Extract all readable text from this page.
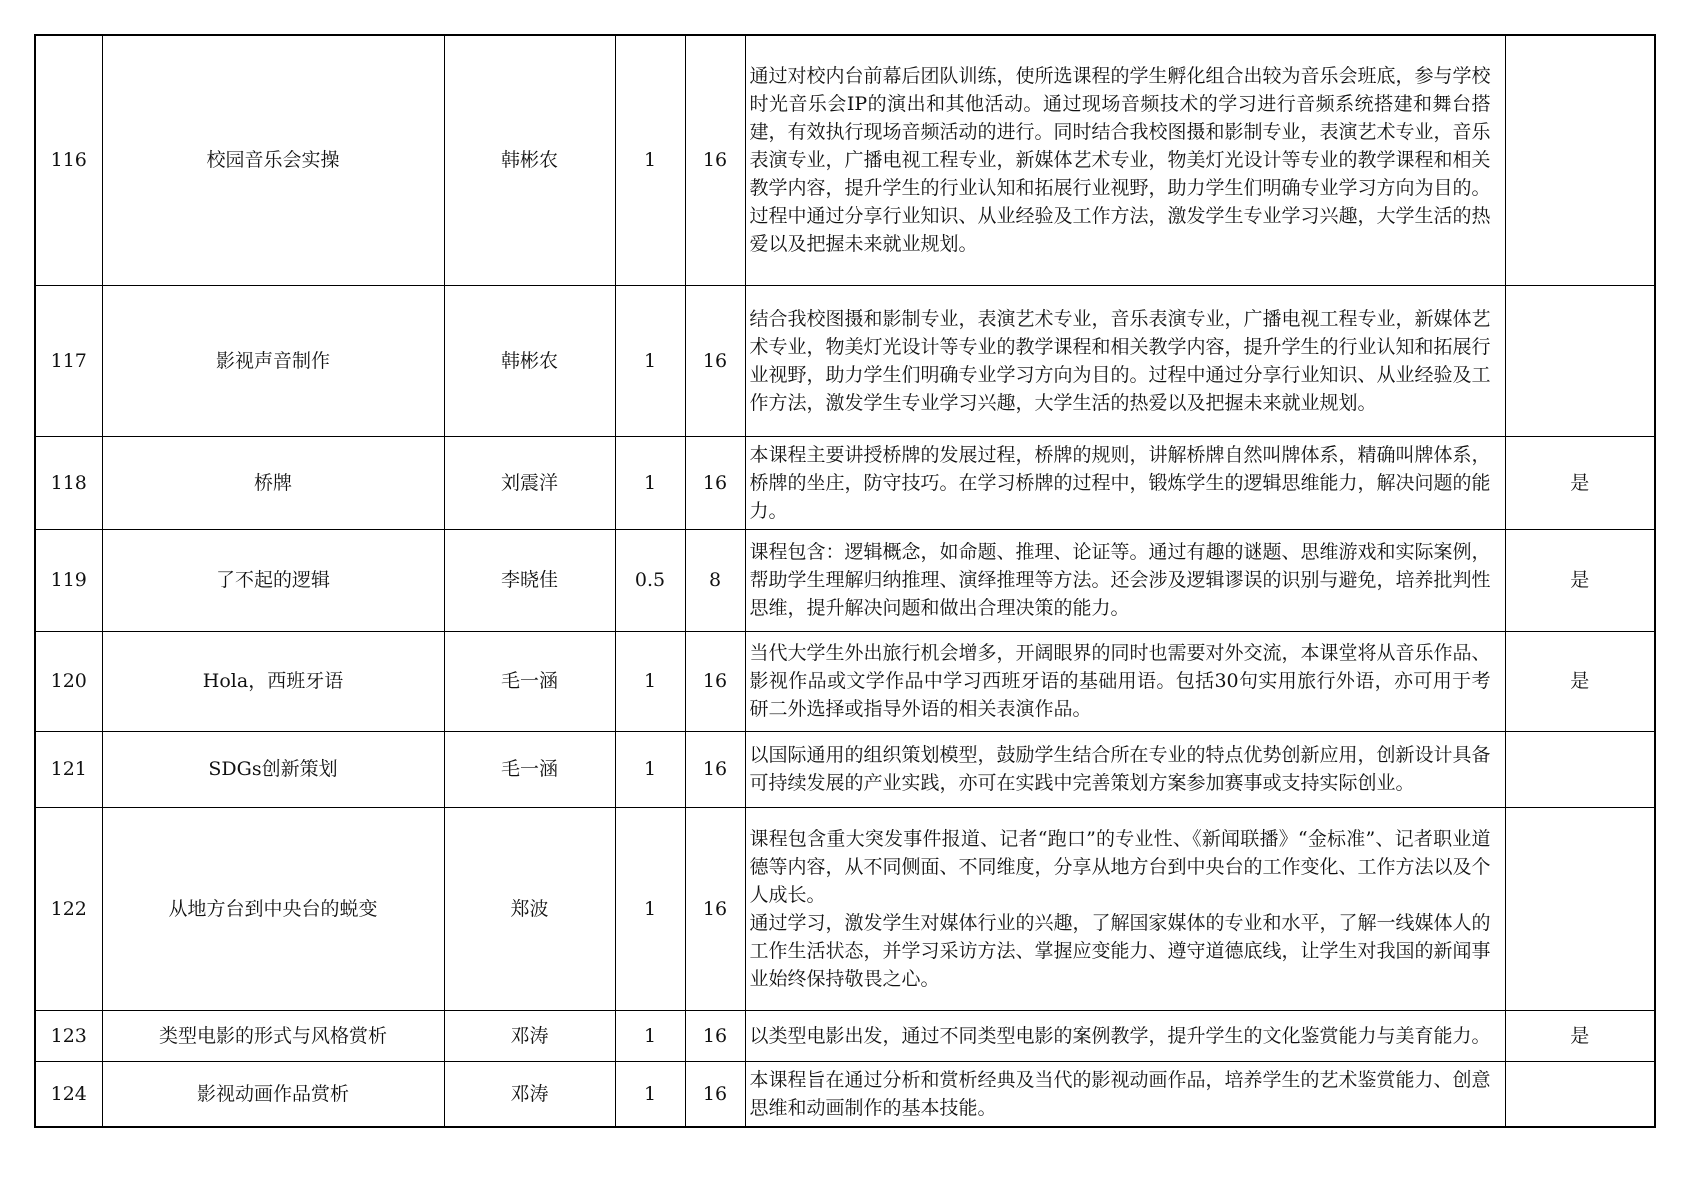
116	校园音乐会实操	韩彬农	1	16	通过对校内台前幕后团队训练，使所选课程的学生孵化组合出较为音乐会班底，参与学校时光音乐会IP的演出和其他活动。通过现场音频技术的学习进行音频系统搭建和舞台搭建，有效执行现场音频活动的进行。同时结合我校图摄和影制专业，表演艺术专业，音乐表演专业，广播电视工程专业，新媒体艺术专业，物美灯光设计等专业的教学课程和相关教学内容，提升学生的行业认知和拓展行业视野，助力学生们明确专业学习方向为目的。过程中通过分享行业知识、从业经验及工作方法，激发学生专业学习兴趣，大学生活的热爱以及把握未来就业规划。	
117	影视声音制作	韩彬农	1	16	结合我校图摄和影制专业，表演艺术专业，音乐表演专业，广播电视工程专业，新媒体艺术专业，物美灯光设计等专业的教学课程和相关教学内容，提升学生的行业认知和拓展行业视野，助力学生们明确专业学习方向为目的。过程中通过分享行业知识、从业经验及工作方法，激发学生专业学习兴趣，大学生活的热爱以及把握未来就业规划。	
118	桥牌	刘震洋	1	16	本课程主要讲授桥牌的发展过程，桥牌的规则，讲解桥牌自然叫牌体系，精确叫牌体系，桥牌的坐庄，防守技巧。在学习桥牌的过程中，锻炼学生的逻辑思维能力，解决问题的能力。	是
119	了不起的逻辑	李晓佳	0.5	8	课程包含：逻辑概念，如命题、推理、论证等。通过有趣的谜题、思维游戏和实际案例，帮助学生理解归纳推理、演绎推理等方法。还会涉及逻辑谬误的识别与避免，培养批判性思维，提升解决问题和做出合理决策的能力。	是
120	Hola，西班牙语	毛一涵	1	16	当代大学生外出旅行机会增多，开阔眼界的同时也需要对外交流，本课堂将从音乐作品、影视作品或文学作品中学习西班牙语的基础用语。包括30句实用旅行外语，亦可用于考研二外选择或指导外语的相关表演作品。	是
121	SDGs创新策划	毛一涵	1	16	以国际通用的组织策划模型，鼓励学生结合所在专业的特点优势创新应用，创新设计具备可持续发展的产业实践，亦可在实践中完善策划方案参加赛事或支持实际创业。	
122	从地方台到中央台的蜕变	郑波	1	16	课程包含重大突发事件报道、记者“跑口”的专业性、《新闻联播》“金标准”、记者职业道德等内容，从不同侧面、不同维度，分享从地方台到中央台的工作变化、工作方法以及个人成长。
通过学习，激发学生对媒体行业的兴趣，了解国家媒体的专业和水平，了解一线媒体人的工作生活状态，并学习采访方法、掌握应变能力、遵守道德底线，让学生对我国的新闻事业始终保持敬畏之心。	
123	类型电影的形式与风格赏析	邓涛	1	16	以类型电影出发，通过不同类型电影的案例教学，提升学生的文化鉴赏能力与美育能力。	是
124	影视动画作品赏析	邓涛	1	16	本课程旨在通过分析和赏析经典及当代的影视动画作品，培养学生的艺术鉴赏能力、创意思维和动画制作的基本技能。	
